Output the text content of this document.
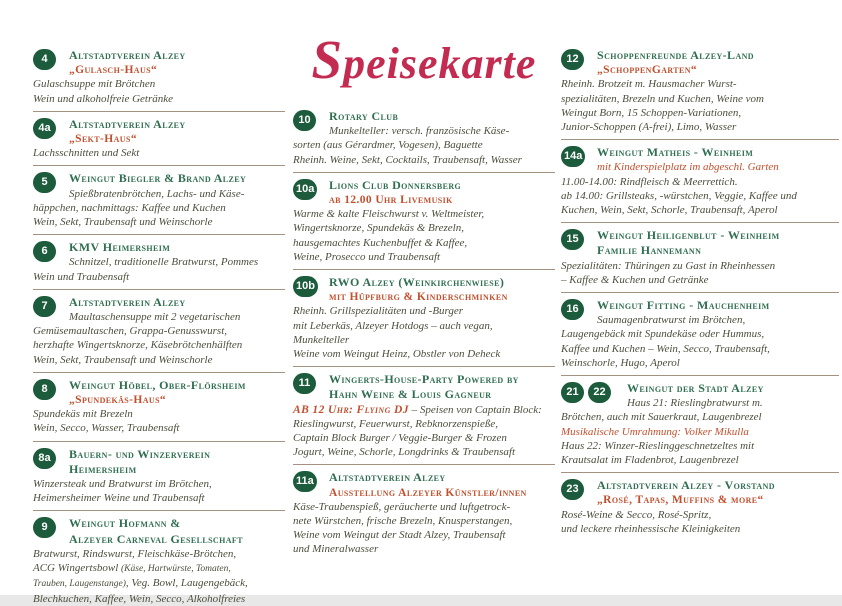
4	Altstadtverein Alzey
„Gulasch-Haus“
Gulaschsuppe mit Brötchen
Wein und alkoholfreie Getränke
4a	Altstadtverein Alzey
„Sekt-Haus“
Lachsschnitten und Sekt
5	Weingut Biegler & Brand Alzey
Spießbratenbrötchen, Lachs- und Käse-
häppchen, nachmittags: Kaffee und Kuchen
Wein, Sekt, Traubensaft und Weinschorle
6	KMV Heimersheim
Schnitzel, traditionelle Bratwurst, Pommes
Wein und Traubensaft
7	Altstadtverein Alzey
Maultaschensuppe mit 2 vegetarischen
Gemüsemaultaschen, Grappa-Genusswurst,
herzhafte Wingertsknorze, Käsebrötchenhälften
Wein, Sekt, Traubensaft und Weinschorle
8	Weingut Höbel, Ober-Flörsheim
„Spundekäs-Haus“
Spundekäs mit Brezeln
Wein, Secco, Wasser, Traubensaft
8a	Bauern- und Winzerverein
Heimersheim
Winzersteak und Bratwurst im Brötchen,
Heimersheimer Weine und Traubensaft
9	Weingut Hofmann &
Alzeyer Carneval Gesellschaft
Bratwurst, Rindswurst, Fleischkäse-Brötchen,
ACG Wingertsbowl (Käse, Hartwürste, Tomaten,
Trauben, Laugenstange), Veg. Bowl, Laugengebäck,
Blechkuchen, Kaffee, Wein, Secco, Alkoholfreies
Speisekarte
10	Rotary Club
Munkelteller: versch. französische Käse-
sorten (aus Gérardmer, Vogesen), Baguette
Rheinh. Weine, Sekt, Cocktails, Traubensaft, Wasser
10a	Lions Club Donnersberg
ab 12.00 Uhr Livemusik
Warme & kalte Fleischwurst v. Weltmeister,
Wingertsknorze, Spundekäs & Brezeln,
hausgemachtes Kuchenbuffet & Kaffee,
Weine, Prosecco und Traubensaft
10b	RWO Alzey (Weinkirchenwiese)
mit Hüpfburg & Kinderschminken
Rheinh. Grillspezialitäten und -Burger
mit Leberkäs, Alzeyer Hotdogs – auch vegan,
Munkelteller
Weine vom Weingut Heinz, Obstler von Deheck
11	Wingerts-House-Party Powered by
Hahn Weine & Louis Gagneur
AB 12 Uhr: Flying DJ – Speisen von Captain Block:
Rieslingwurst, Feuerwurst, Rebknorzenspieße,
Captain Block Burger / Veggie-Burger & Frozen
Jogurt, Weine, Schorle, Longdrinks & Traubensaft
11a	Altstadtverein Alzey
Ausstellung Alzeyer Künstler/innen
Käse-Traubenspieß, geräucherte und luftgetrock-
nete Würstchen, frische Brezeln, Knusperstangen,
Weine vom Weingut der Stadt Alzey, Traubensaft
und Mineralwasser
12	Schoppenfreunde Alzey-Land
„SchoppenGarten“
Rheinh. Brotzeit m. Hausmacher Wurst-
spezialitäten, Brezeln und Kuchen, Weine vom
Weingut Born, 15 Schoppen-Variationen,
Junior-Schoppen (A-frei), Limo, Wasser
14a	Weingut Matheis - Weinheim
mit Kinderspielplatz im abgeschl. Garten
11.00-14.00: Rindfleisch & Meerrettich.
ab 14.00: Grillsteaks, -würstchen, Veggie, Kaffee und
Kuchen, Wein, Sekt, Schorle, Traubensaft, Aperol
15	Weingut Heiligenblut - Weinheim
Familie Hannemann
Spezialitäten: Thüringen zu Gast in Rheinhessen
– Kaffee & Kuchen und Getränke
16	Weingut Fitting - Mauchenheim
Saumagenbratwurst im Brötchen,
Laugengebäck mit Spundekäse oder Hummus,
Kaffee und Kuchen – Wein, Secco, Traubensaft,
Weinschorle, Hugo, Aperol
21 22	Weingut der Stadt Alzey
Haus 21: Rieslingbratwurst m.
Brötchen, auch mit Sauerkraut, Laugenbrezel
Musikalische Umrahmung: Volker Mikulla
Haus 22: Winzer-Rieslinggeschnetzeltes mit
Krautsalat im Fladenbrot, Laugenbrezel
23	Altstadtverein Alzey - Vorstand
„Rosé, Tapas, Muffins & more“
Rosé-Weine & Secco, Rosé-Spritz,
und leckere rheinhessische Kleinigkeiten
